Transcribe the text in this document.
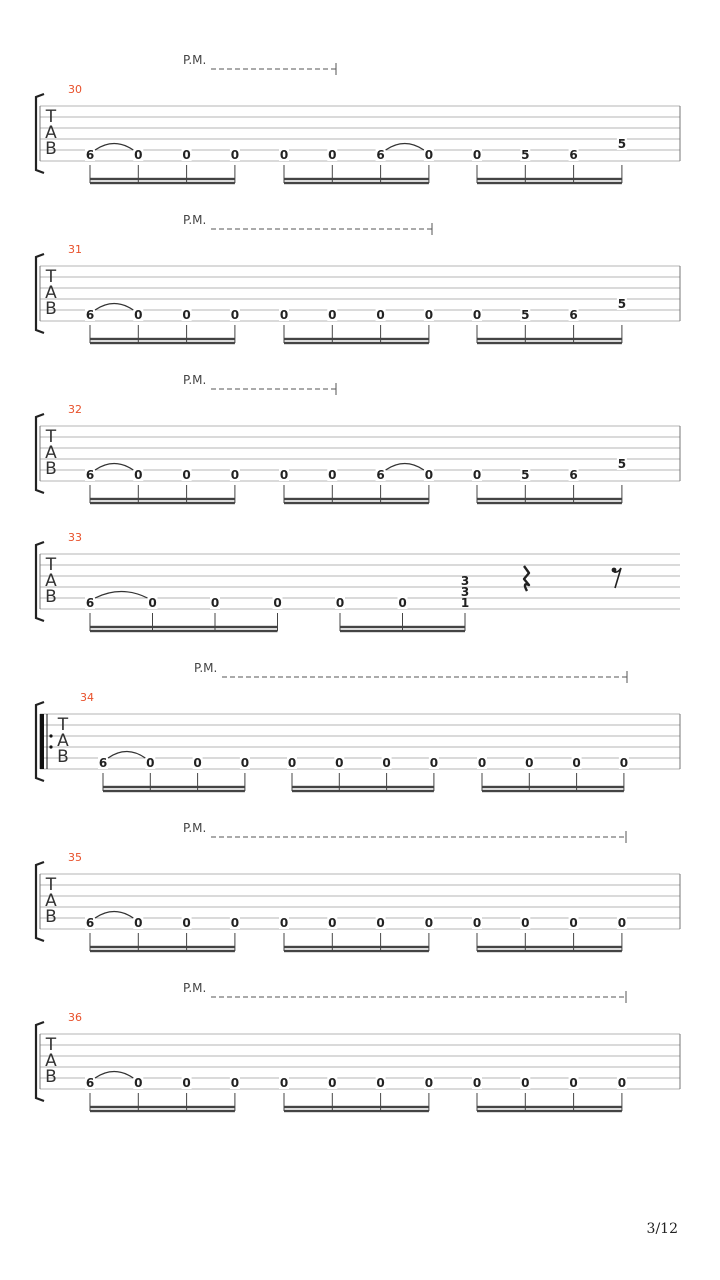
P.M.
30
T
A
B 6	0	0	0	0	0	6	0	0	5	6
5
P.M.
31
T
A
B 6	0	0	0	0	0	0	0	0	5	6
5
P.M.
32
T
A
B 6	0	0	0	0	0	6	0	0	5	6
5
33
T
A
B 6	0	0	0	0	0
3
3
1
P.M.
34
T
A
B 6	0	0	0	0	0	0	0	0	0	0	0
P.M.
35
T
A
B 6	0	0	0	0	0	0	0	0	0	0	0
P.M.
36
T
A
B 6	0	0	0	0	0	0	0	0	0	0	0
3/12
